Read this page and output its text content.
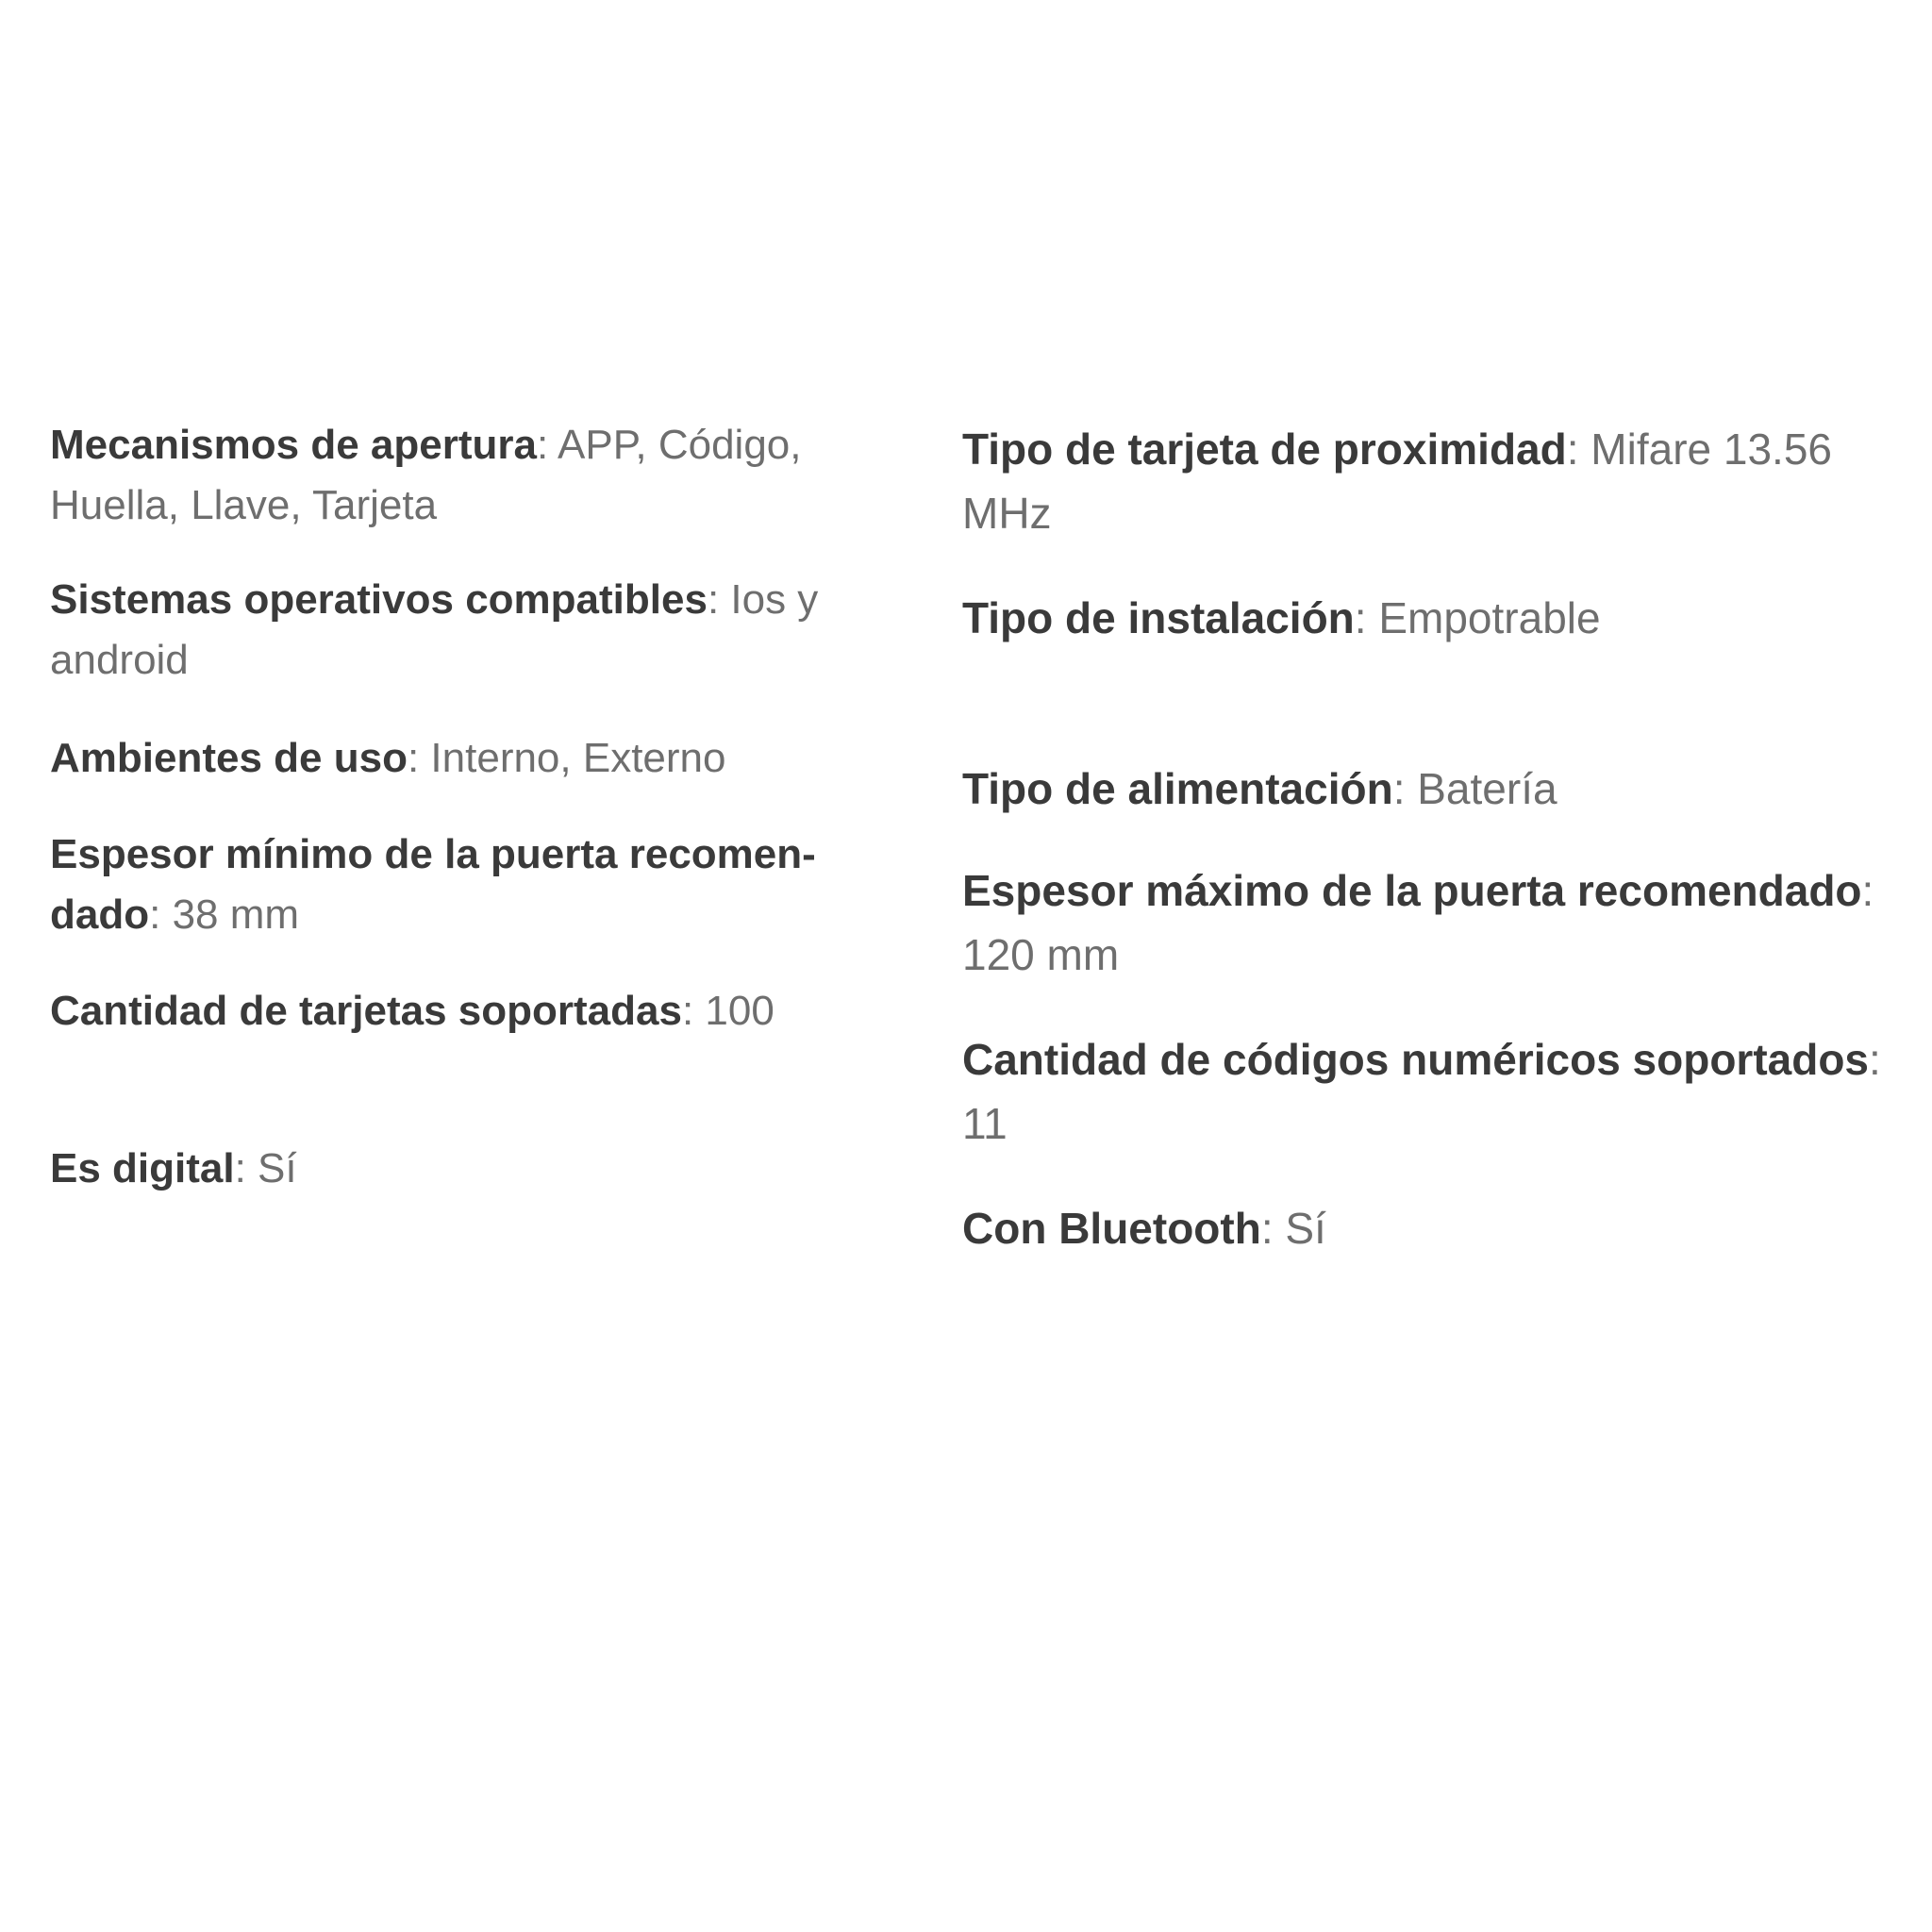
Mecanismos de apertura: APP, Código, Huella, Llave, Tarjeta

Sistemas operativos compatibles: Ios y android

Ambientes de uso: Interno, Externo

Espesor mínimo de la puerta recomendado: 38 mm

Cantidad de tarjetas soportadas: 100

Es digital: Sí

Tipo de tarjeta de proximidad: Mifare 13.56 MHz

Tipo de instalación: Empotrable

Tipo de alimentación: Batería

Espesor máximo de la puerta recomendado: 120 mm

Cantidad de códigos numéricos soportados: 11

Con Bluetooth: Sí
